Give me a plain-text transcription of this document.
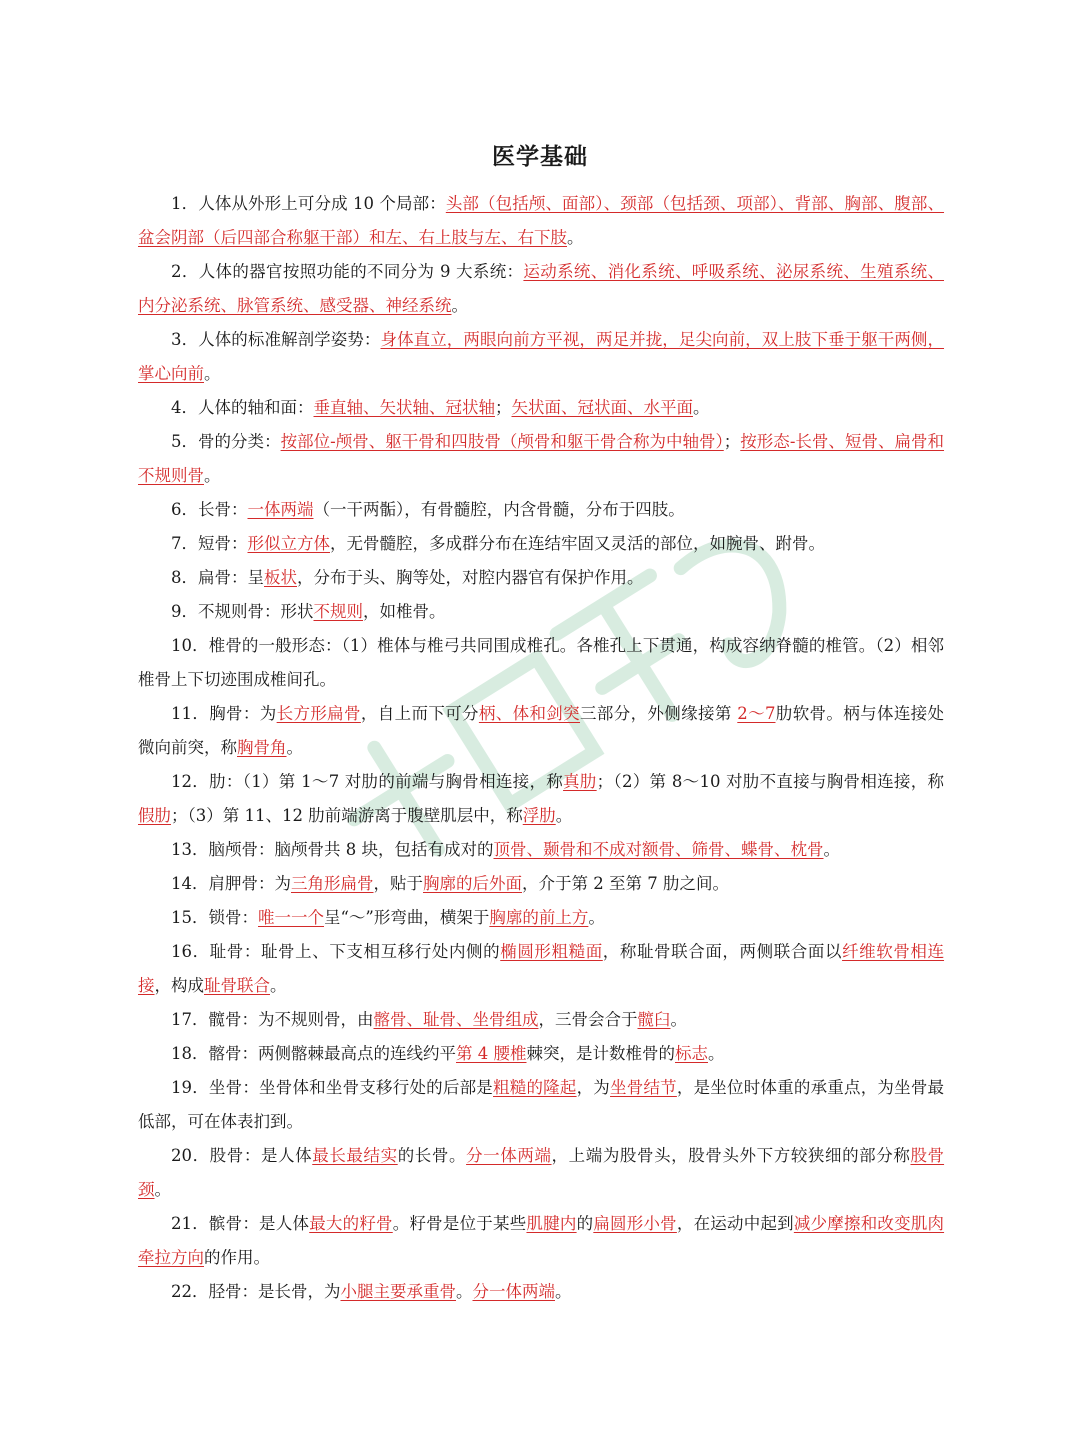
医学基础

1．人体从外形上可分成 10 个局部：头部（包括颅、面部）、颈部（包括颈、项部）、背部、胸部、腹部、盆会阴部（后四部合称躯干部）和左、右上肢与左、右下肢。

2．人体的器官按照功能的不同分为 9 大系统：运动系统、消化系统、呼吸系统、泌尿系统、生殖系统、内分泌系统、脉管系统、感受器、神经系统。

3．人体的标准解剖学姿势：身体直立，两眼向前方平视，两足并拢，足尖向前，双上肢下垂于躯干两侧，掌心向前。

4．人体的轴和面：垂直轴、矢状轴、冠状轴；矢状面、冠状面、水平面。

5．骨的分类：按部位-颅骨、躯干骨和四肢骨（颅骨和躯干骨合称为中轴骨）；按形态-长骨、短骨、扁骨和不规则骨。

6．长骨：一体两端（一干两骺），有骨髓腔，内含骨髓，分布于四肢。

7．短骨：形似立方体，无骨髓腔，多成群分布在连结牢固又灵活的部位，如腕骨、跗骨。

8．扁骨：呈板状，分布于头、胸等处，对腔内器官有保护作用。

9．不规则骨：形状不规则，如椎骨。

10．椎骨的一般形态：（1）椎体与椎弓共同围成椎孔。各椎孔上下贯通，构成容纳脊髓的椎管。（2）相邻椎骨上下切迹围成椎间孔。

11．胸骨：为长方形扁骨，自上而下可分柄、体和剑突三部分，外侧缘接第 2～7肋软骨。柄与体连接处微向前突，称胸骨角。

12．肋：（1）第 1～7 对肋的前端与胸骨相连接，称真肋；（2）第 8～10 对肋不直接与胸骨相连接，称假肋；（3）第 11、12 肋前端游离于腹壁肌层中，称浮肋。

13．脑颅骨：脑颅骨共 8 块，包括有成对的顶骨、颞骨和不成对额骨、筛骨、蝶骨、枕骨。

14．肩胛骨：为三角形扁骨，贴于胸廓的后外面，介于第 2 至第 7 肋之间。

15．锁骨：唯一一个呈“～”形弯曲，横架于胸廓的前上方。

16．耻骨：耻骨上、下支相互移行处内侧的椭圆形粗糙面，称耻骨联合面，两侧联合面以纤维软骨相连接，构成耻骨联合。

17．髋骨：为不规则骨，由髂骨、耻骨、坐骨组成，三骨会合于髋臼。

18．髂骨：两侧髂棘最高点的连线约平第 4 腰椎棘突，是计数椎骨的标志。

19．坐骨：坐骨体和坐骨支移行处的后部是粗糙的隆起，为坐骨结节，是坐位时体重的承重点，为坐骨最低部，可在体表扪到。

20．股骨：是人体最长最结实的长骨。分一体两端，上端为股骨头，股骨头外下方较狭细的部分称股骨颈。

21．髌骨：是人体最大的籽骨。籽骨是位于某些肌腱内的扁圆形小骨，在运动中起到减少摩擦和改变肌肉牵拉方向的作用。

22．胫骨：是长骨，为小腿主要承重骨。分一体两端。
